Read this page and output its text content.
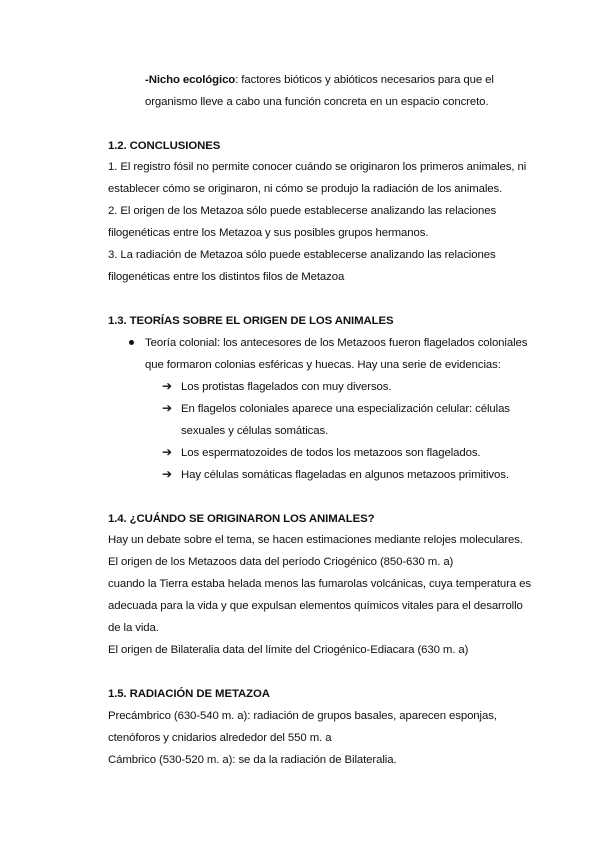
-Nicho ecológico: factores bióticos y abióticos necesarios para que el
organismo lleve a cabo una función concreta en un espacio concreto.
1.2. CONCLUSIONES
1. El registro fósil no permite conocer cuándo se originaron los primeros animales, ni
establecer cómo se originaron, ni cómo se produjo la radiación de los animales.
2. El origen de los Metazoa sólo puede establecerse analizando las relaciones
filogenéticas entre los Metazoa y sus posibles grupos hermanos.
3. La radiación de Metazoa sólo puede establecerse analizando las relaciones
filogenéticas entre los distintos filos de Metazoa
1.3. TEORÍAS SOBRE EL ORIGEN DE LOS ANIMALES
Teoría colonial: los antecesores de los Metazoos fueron flagelados coloniales
que formaron colonias esféricas y huecas. Hay una serie de evidencias:
➔ Los protistas flagelados con muy diversos.
➔ En flagelos coloniales aparece una especialización celular: células
sexuales y células somáticas.
➔ Los espermatozoides de todos los metazoos son flagelados.
➔ Hay células somáticas flageladas en algunos metazoos primitivos.
1.4. ¿CUÁNDO SE ORIGINARON LOS ANIMALES?
Hay un debate sobre el tema, se hacen estimaciones mediante relojes moleculares.
El origen de los Metazoos data del período Criogénico (850-630 m. a)
cuando la Tierra estaba helada menos las fumarolas volcánicas, cuya temperatura es
adecuada para la vida y que expulsan elementos químicos vitales para el desarrollo
de la vida.
El origen de Bilateralia data del límite del Criogénico-Ediacara (630 m. a)
1.5. RADIACIÓN DE METAZOA
Precámbrico (630-540 m. a): radiación de grupos basales, aparecen esponjas,
ctenóforos y cnidarios alrededor del 550 m. a
Cámbrico (530-520 m. a): se da la radiación de Bilateralia.
